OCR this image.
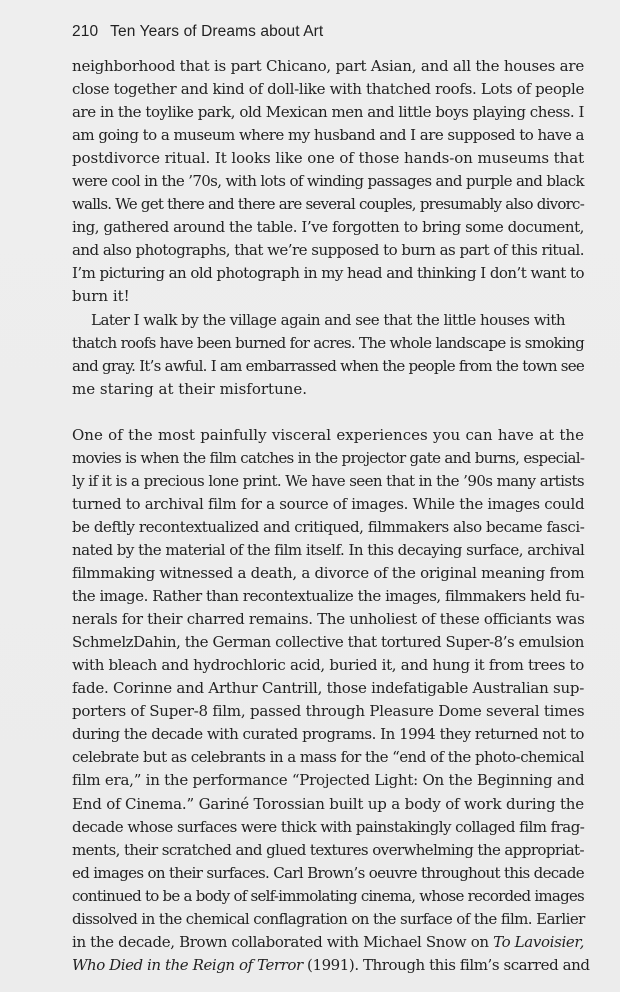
210 Ten Years of Dreams about Art
neighborhood that is part Chicano, part Asian, and all the houses are
close together and kind of doll-like with thatched roofs. Lots of people
are in the toylike park, old Mexican men and little boys playing chess. I
am going to a museum where my husband and I are supposed to have a
postdivorce ritual. It looks like one of those hands-on museums that
were cool in the ’70s, with lots of winding passages and purple and black
walls. We get there and there are several couples, presumably also divorc-
ing, gathered around the table. I’ve forgotten to bring some document,
and also photographs, that we’re supposed to burn as part of this ritual.
I’m picturing an old photograph in my head and thinking I don’t want to
burn it!
Later I walk by the village again and see that the little houses with
thatch roofs have been burned for acres. The whole landscape is smoking
and gray. It’s awful. I am embarrassed when the people from the town see
me staring at their misfortune.
One of the most painfully visceral experiences you can have at the
movies is when the film catches in the projector gate and burns, especial-
ly if it is a precious lone print. We have seen that in the ’90s many artists
turned to archival film for a source of images. While the images could
be deftly recontextualized and critiqued, filmmakers also became fasci-
nated by the material of the film itself. In this decaying surface, archival
filmmaking witnessed a death, a divorce of the original meaning from
the image. Rather than recontextualize the images, filmmakers held fu-
nerals for their charred remains. The unholiest of these officiants was
SchmelzDahin, the German collective that tortured Super-8’s emulsion
with bleach and hydrochloric acid, buried it, and hung it from trees to
fade. Corinne and Arthur Cantrill, those indefatigable Australian sup-
porters of Super-8 film, passed through Pleasure Dome several times
during the decade with curated programs. In 1994 they returned not to
celebrate but as celebrants in a mass for the “end of the photo-chemical
film era,” in the performance “Projected Light: On the Beginning and
End of Cinema.” Gariné Torossian built up a body of work during the
decade whose surfaces were thick with painstakingly collaged film frag-
ments, their scratched and glued textures overwhelming the appropriat-
ed images on their surfaces. Carl Brown’s oeuvre throughout this decade
continued to be a body of self-immolating cinema, whose recorded images
dissolved in the chemical conflagration on the surface of the film. Earlier
in the decade, Brown collaborated with Michael Snow on To Lavoisier,
Who Died in the Reign of Terror (1991). Through this film’s scarred and
